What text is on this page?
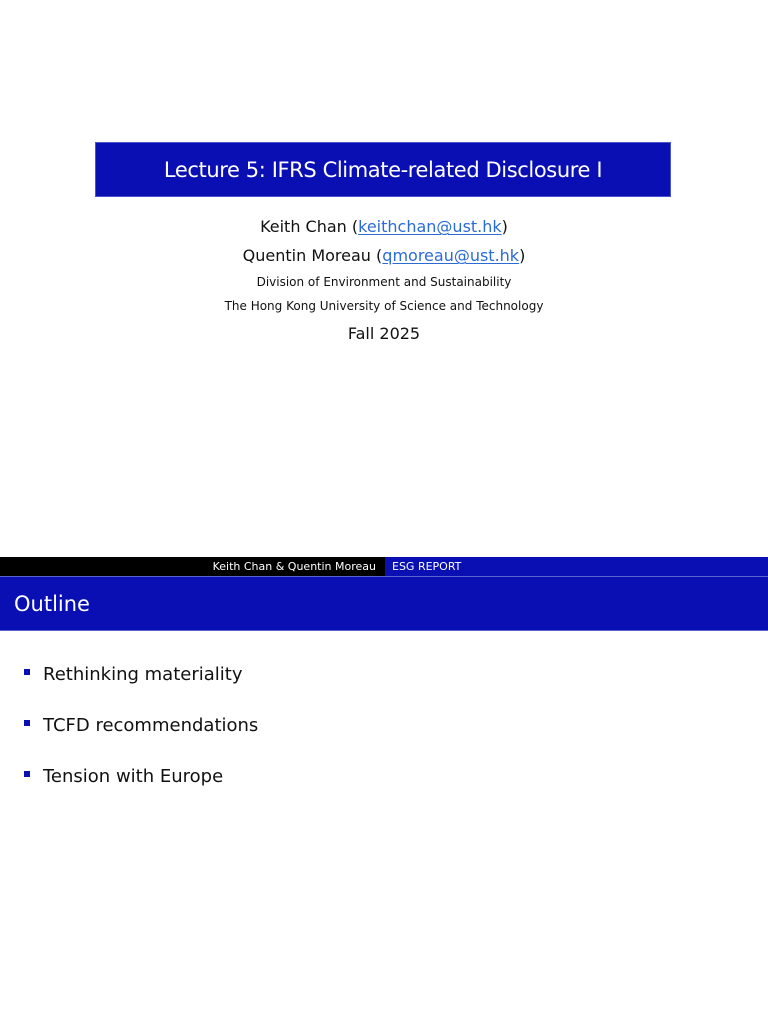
Lecture 5: IFRS Climate-related Disclosure I
Keith Chan (keithchan@ust.hk)
Quentin Moreau (qmoreau@ust.hk)
Division of Environment and Sustainability
The Hong Kong University of Science and Technology
Fall 2025
Keith Chan & Quentin Moreau	ESG REPORT
Outline
Rethinking materiality
TCFD recommendations
Tension with Europe
